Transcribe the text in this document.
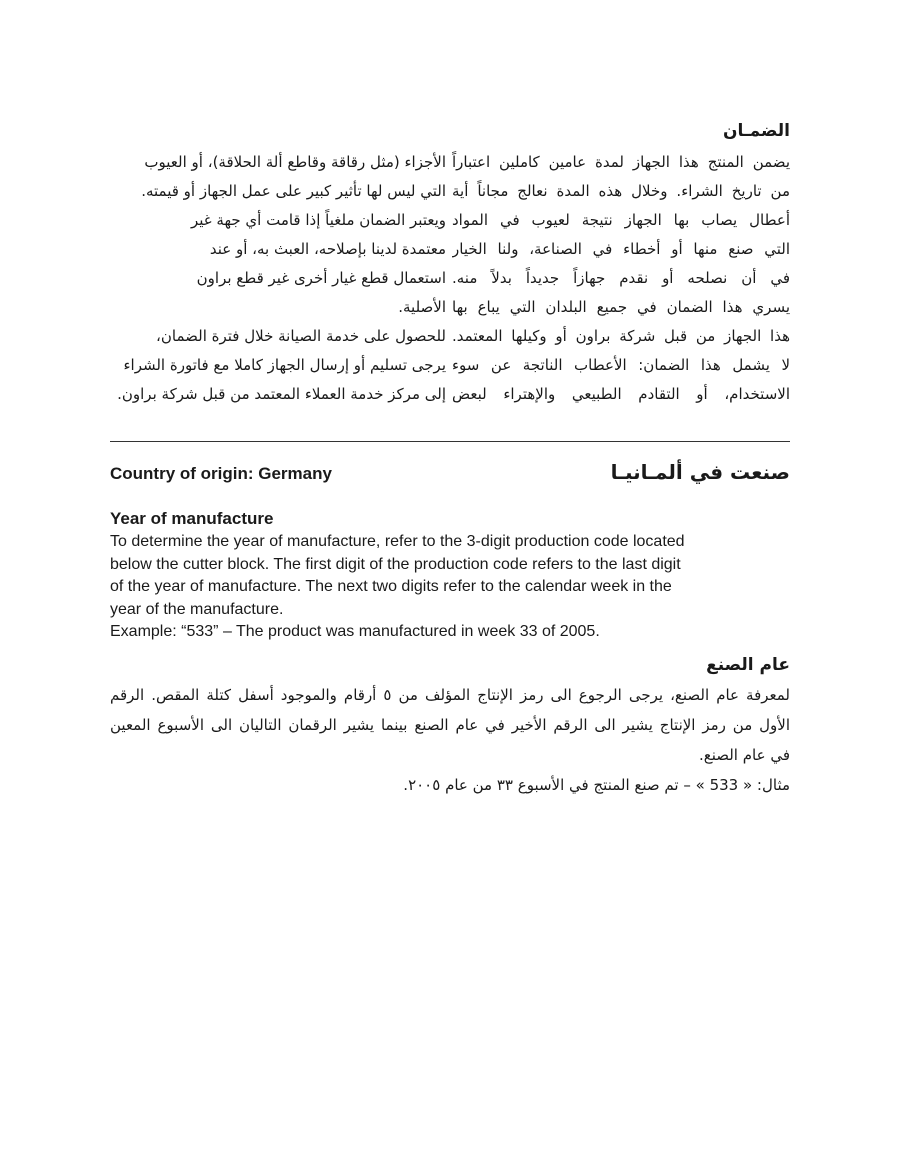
الضمـان
يضمن المنتج هذا الجهاز لمدة عامين كاملين اعتباراً
من تاريخ الشراء. وخلال هذه المدة نعالج مجاناً أية
أعطال يصاب بها الجهاز نتيجة لعيوب في المواد
التي صنع منها أو أخطاء في الصناعة، ولنا الخيار
في أن نصلحه أو نقدم جهازاً جديداً بدلاً منه.
يسري هذا الضمان في جميع البلدان التي يباع بها
هذا الجهاز من قبل شركة براون أو وكيلها المعتمد.
لا يشمل هذا الضمان: الأعطاب الناتجة عن سوء
الاستخدام، أو التقادم الطبيعي والإهتراء لبعض
الأجزاء (مثل رقاقة وقاطع ألة الحلاقة)، أو العيوب
التي ليس لها تأثير كبير على عمل الجهاز أو قيمته.
ويعتبر الضمان ملغياً إذا قامت أي جهة غير
معتمدة لدينا بإصلاحه، العبث به، أو عند
استعمال قطع غيار أخرى غير قطع براون
الأصلية.
للحصول على خدمة الصيانة خلال فترة الضمان،
يرجى تسليم أو إرسال الجهاز كاملا مع فاتورة الشراء
إلى مركز خدمة العملاء المعتمد من قبل شركة براون.
Country of origin: Germany	صنعت في ألمـانيـا
Year of manufacture
To determine the year of manufacture, refer to the 3-digit production code located
below the cutter block. The first digit of the production code refers to the last digit
of the year of manufacture. The next two digits refer to the calendar week in the
year of the manufacture.
Example: “533” – The product was manufactured in week 33 of 2005.
عام الصنع
لمعرفة عام الصنع، يرجى الرجوع الى رمز الإنتاج المؤلف من ٥ أرقام والموجود أسفل كتلة المقص. الرقم
الأول من رمز الإنتاج يشير الى الرقم الأخير في عام الصنع بينما يشير الرقمان التاليان الى الأسبوع المعين
في عام الصنع.
مثال: « 533 » – تم صنع المنتج في الأسبوع ٣٣ من عام ٢٠٠٥.
